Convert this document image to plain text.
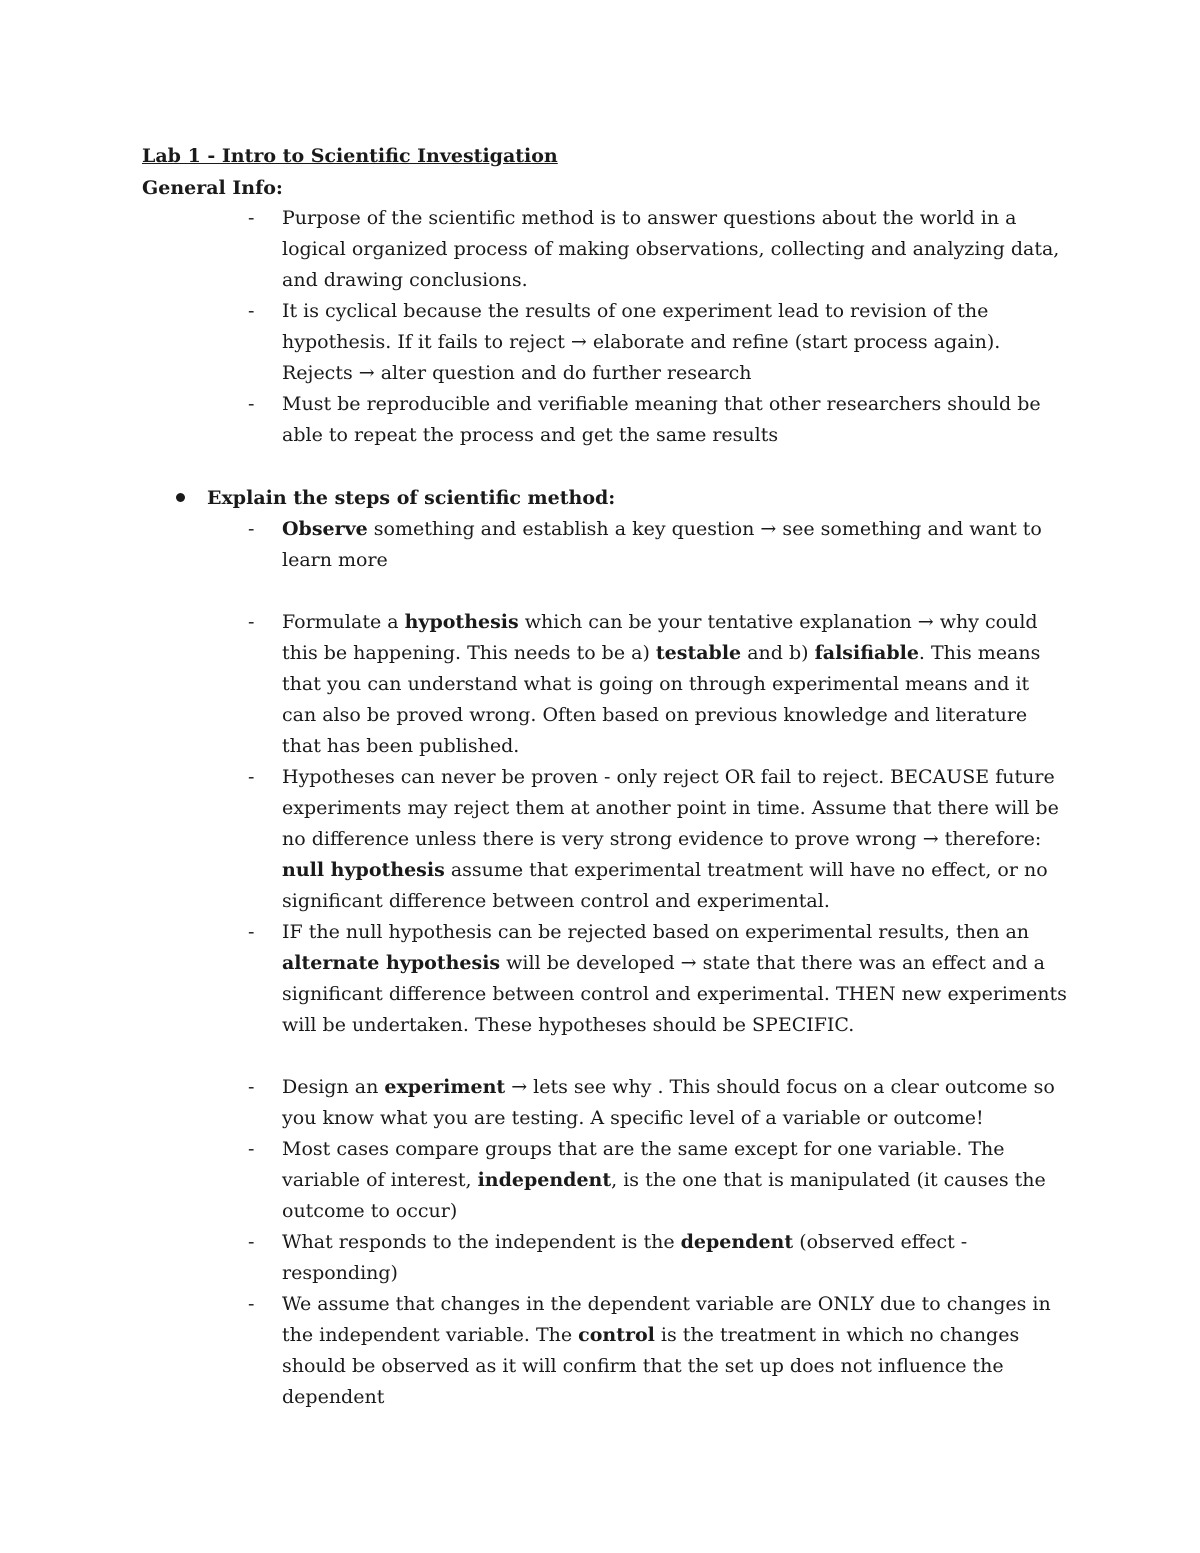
Lab 1 - Intro to Scientific Investigation
General Info:
- Purpose of the scientific method is to answer questions about the world in a logical organized process of making observations, collecting and analyzing data, and drawing conclusions.
- It is cyclical because the results of one experiment lead to revision of the hypothesis. If it fails to reject → elaborate and refine (start process again). Rejects → alter question and do further research
- Must be reproducible and verifiable meaning that other researchers should be able to repeat the process and get the same results
Explain the steps of scientific method:
- Observe something and establish a key question → see something and want to learn more
- Formulate a hypothesis which can be your tentative explanation → why could this be happening. This needs to be a) testable and b) falsifiable. This means that you can understand what is going on through experimental means and it can also be proved wrong. Often based on previous knowledge and literature that has been published.
- Hypotheses can never be proven - only reject OR fail to reject. BECAUSE future experiments may reject them at another point in time. Assume that there will be no difference unless there is very strong evidence to prove wrong → therefore: null hypothesis assume that experimental treatment will have no effect, or no significant difference between control and experimental.
- IF the null hypothesis can be rejected based on experimental results, then an alternate hypothesis will be developed → state that there was an effect and a significant difference between control and experimental. THEN new experiments will be undertaken. These hypotheses should be SPECIFIC.
- Design an experiment → lets see why . This should focus on a clear outcome so you know what you are testing. A specific level of a variable or outcome!
- Most cases compare groups that are the same except for one variable. The variable of interest, independent, is the one that is manipulated (it causes the outcome to occur)
- What responds to the independent is the dependent (observed effect - responding)
- We assume that changes in the dependent variable are ONLY due to changes in the independent variable. The control is the treatment in which no changes should be observed as it will confirm that the set up does not influence the dependent
